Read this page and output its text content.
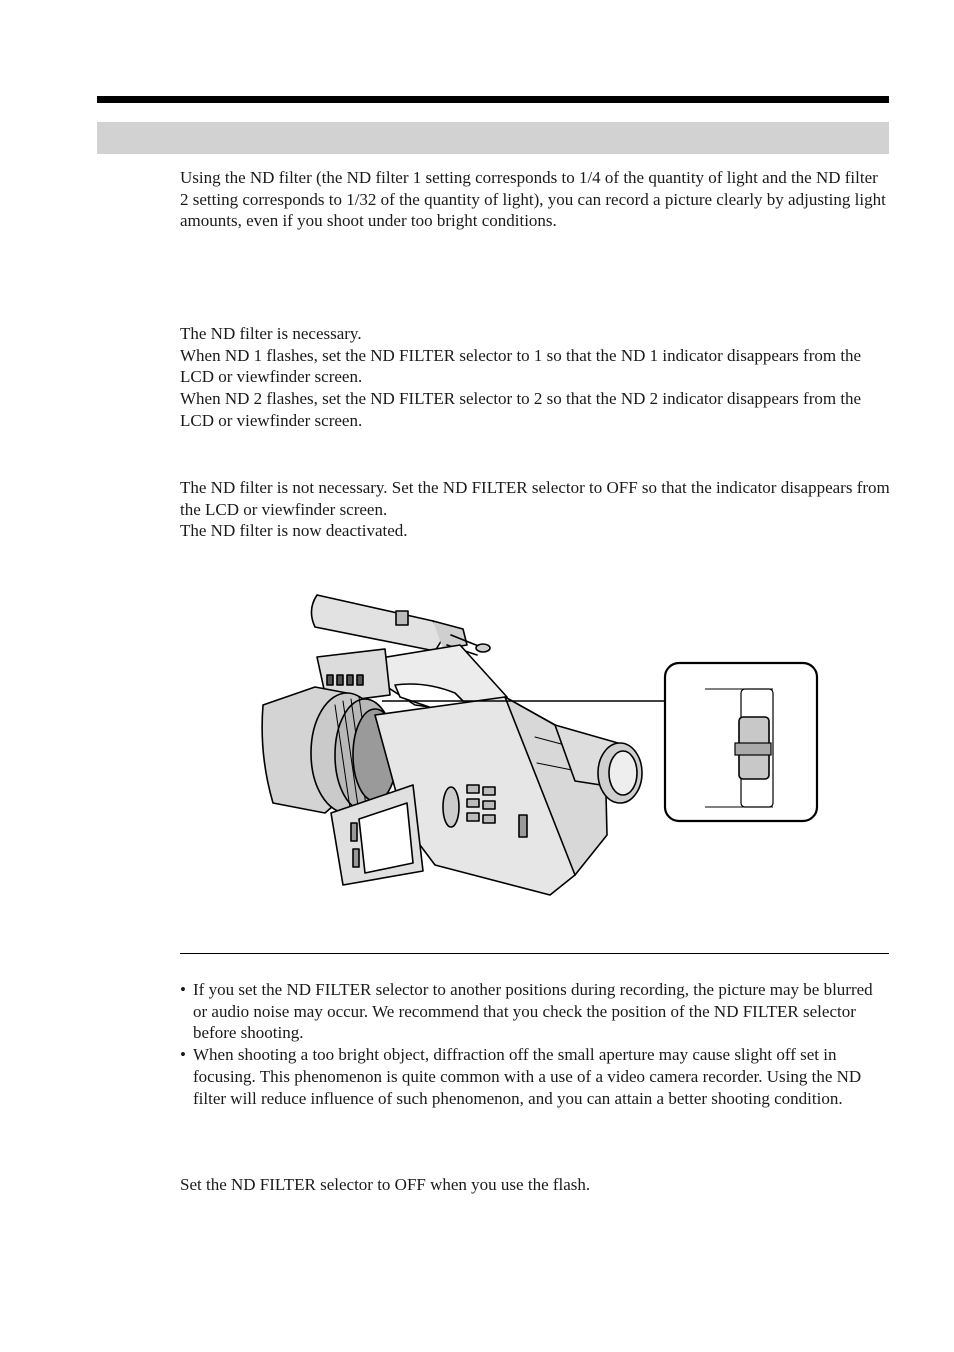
Using the ND filter (the ND filter 1 setting corresponds to 1/4 of the quantity of light and the ND filter 2 setting corresponds to 1/32 of the quantity of light), you can record a picture clearly by adjusting light amounts, even if you shoot under too bright conditions.

The ND filter is necessary.

When ND 1 flashes, set the ND FILTER selector to 1 so that the ND 1 indicator disappears from the LCD or viewfinder screen.

When ND 2 flashes, set the ND FILTER selector to 2 so that the ND 2 indicator disappears from the LCD or viewfinder screen.

The ND filter is not necessary. Set the ND FILTER selector to OFF so that the indicator disappears from the LCD or viewfinder screen.

The ND filter is now deactivated.

• If you set the ND FILTER selector to another positions during recording, the picture may be blurred or audio noise may occur. We recommend that you check the position of the ND FILTER selector before shooting.
• When shooting a too bright object, diffraction off the small aperture may cause slight off set in focusing. This phenomenon is quite common with a use of a video camera recorder. Using the ND filter will reduce influence of such phenomenon, and you can attain a better shooting condition.

Set the ND FILTER selector to OFF when you use the flash.
